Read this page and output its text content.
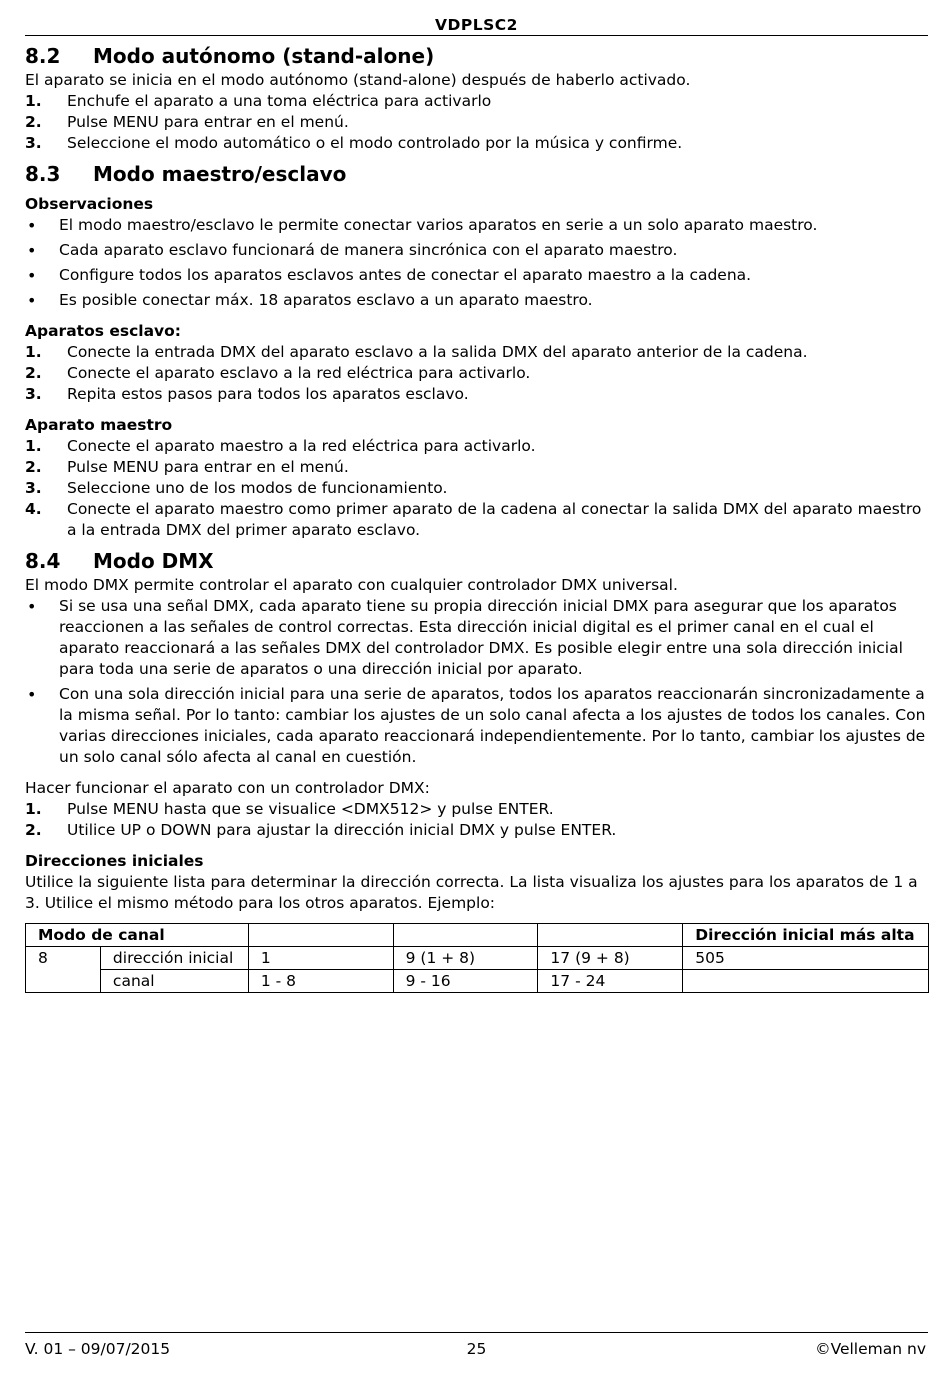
VDPLSC2
8.2 Modo autónomo (stand-alone)

El aparato se inicia en el modo autónomo (stand-alone) después de haberlo activado.

1. Enchufe el aparato a una toma eléctrica para activarlo
2. Pulse MENU para entrar en el menú.
3. Seleccione el modo automático o el modo controlado por la música y confirme.
8.3 Modo maestro/esclavo

Observaciones

• El modo maestro/esclavo le permite conectar varios aparatos en serie a un solo aparato maestro.
• Cada aparato esclavo funcionará de manera sincrónica con el aparato maestro.
• Configure todos los aparatos esclavos antes de conectar el aparato maestro a la cadena.
• Es posible conectar máx. 18 aparatos esclavo a un aparato maestro.

Aparatos esclavo:

1. Conecte la entrada DMX del aparato esclavo a la salida DMX del aparato anterior de la cadena.
2. Conecte el aparato esclavo a la red eléctrica para activarlo.
3. Repita estos pasos para todos los aparatos esclavo.

Aparato maestro

1. Conecte el aparato maestro a la red eléctrica para activarlo.
2. Pulse MENU para entrar en el menú.
3. Seleccione uno de los modos de funcionamiento.
4. Conecte el aparato maestro como primer aparato de la cadena al conectar la salida DMX del aparato maestro a la entrada DMX del primer aparato esclavo.
8.4 Modo DMX

El modo DMX permite controlar el aparato con cualquier controlador DMX universal.

• Si se usa una señal DMX, cada aparato tiene su propia dirección inicial DMX para asegurar que los aparatos reaccionen a las señales de control correctas. Esta dirección inicial digital es el primer canal en el cual el aparato reaccionará a las señales DMX del controlador DMX. Es posible elegir entre una sola dirección inicial para toda una serie de aparatos o una dirección inicial por aparato.
• Con una sola dirección inicial para una serie de aparatos, todos los aparatos reaccionarán sincronizadamente a la misma señal. Por lo tanto: cambiar los ajustes de un solo canal afecta a los ajustes de todos los canales. Con varias direcciones iniciales, cada aparato reaccionará independientemente. Por lo tanto, cambiar los ajustes de un solo canal sólo afecta al canal en cuestión.

Hacer funcionar el aparato con un controlador DMX:

1. Pulse MENU hasta que se visualice <DMX512> y pulse ENTER.
2. Utilice UP o DOWN para ajustar la dirección inicial DMX y pulse ENTER.

Direcciones iniciales

Utilice la siguiente lista para determinar la dirección correcta. La lista visualiza los ajustes para los aparatos de 1 a 3. Utilice el mismo método para los otros aparatos. Ejemplo:

Modo de canal					Dirección inicial más alta
8	dirección inicial	1	9 (1 + 8)	17 (9 + 8)	505
	canal	1 - 8	9 - 16	17 - 24	
V. 01 – 09/07/2015	25	©Velleman nv
